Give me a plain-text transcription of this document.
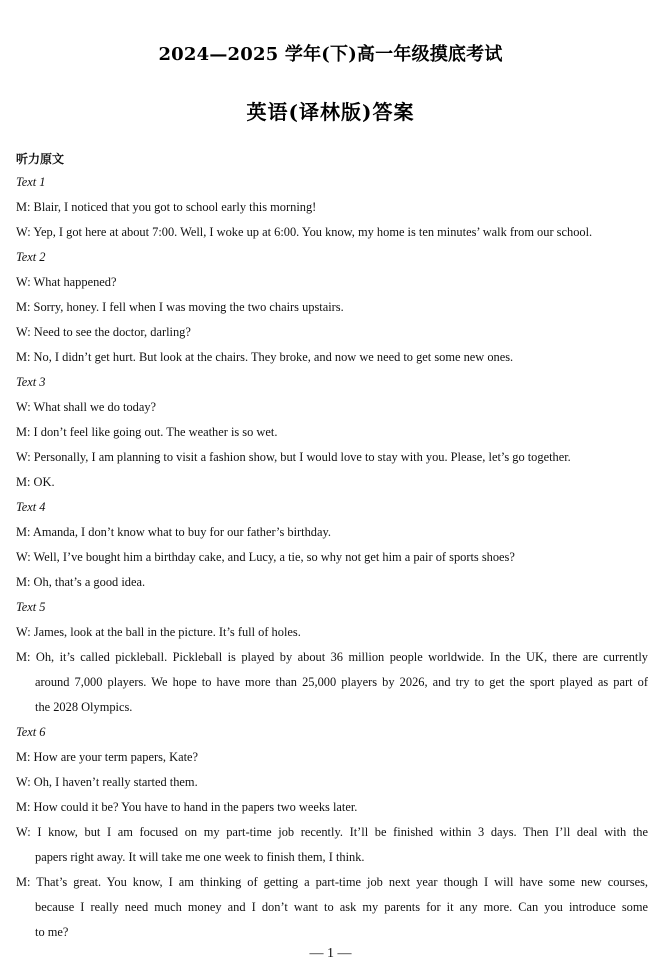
2024—2025 学年(下)高一年级摸底考试
英语(译林版)答案
听力原文
Text 1
M: Blair, I noticed that you got to school early this morning!
W: Yep, I got here at about 7:00. Well, I woke up at 6:00. You know, my home is ten minutes’ walk from our school.
Text 2
W: What happened?
M: Sorry, honey. I fell when I was moving the two chairs upstairs.
W: Need to see the doctor, darling?
M: No, I didn’t get hurt. But look at the chairs. They broke, and now we need to get some new ones.
Text 3
W: What shall we do today?
M: I don’t feel like going out. The weather is so wet.
W: Personally, I am planning to visit a fashion show, but I would love to stay with you. Please, let’s go together.
M: OK.
Text 4
M: Amanda, I don’t know what to buy for our father’s birthday.
W: Well, I’ve bought him a birthday cake, and Lucy, a tie, so why not get him a pair of sports shoes?
M: Oh, that’s a good idea.
Text 5
W: James, look at the ball in the picture. It’s full of holes.
M: Oh, it’s called pickleball. Pickleball is played by about 36 million people worldwide. In the UK, there are currently
around 7,000 players. We hope to have more than 25,000 players by 2026, and try to get the sport played as part of
the 2028 Olympics.
Text 6
M: How are your term papers, Kate?
W: Oh, I haven’t really started them.
M: How could it be? You have to hand in the papers two weeks later.
W: I know, but I am focused on my part-time job recently. It’ll be finished within 3 days. Then I’ll deal with the
papers right away. It will take me one week to finish them, I think.
M: That’s great. You know, I am thinking of getting a part-time job next year though I will have some new courses,
because I really need much money and I don’t want to ask my parents for it any more. Can you introduce some
to me?
— 1 —
